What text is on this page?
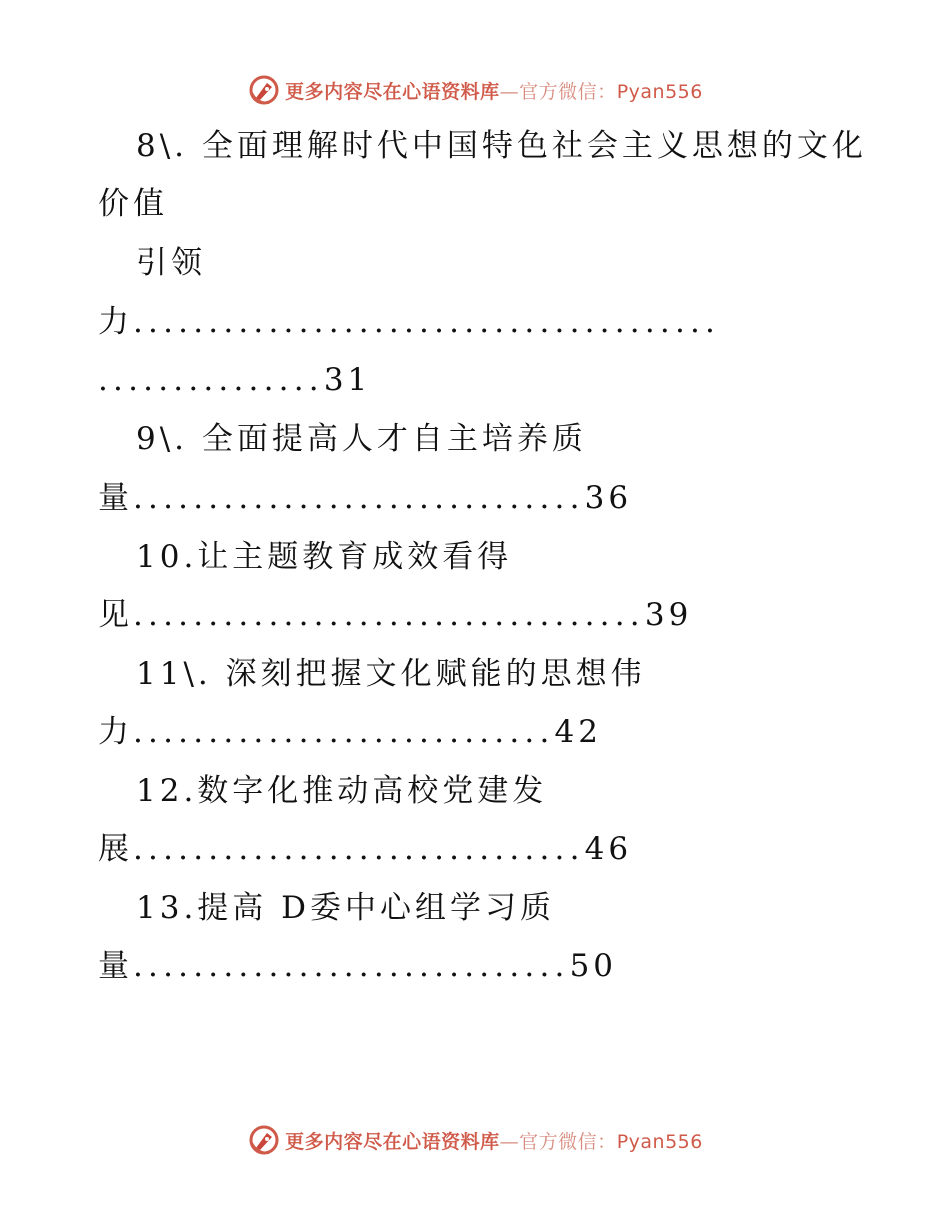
更多内容尽在心语资料库—官方微信：Pyan556
8\. 全面理解时代中国特色社会主义思想的文化
价值
引领
力.......................................
...............31
9\. 全面提高人才自主培养质
量..............................36
10.让主题教育成效看得
见..................................39
11\. 深刻把握文化赋能的思想伟
力............................42
12.数字化推动高校党建发
展..............................46
13.提高 D委中心组学习质
量.............................50
更多内容尽在心语资料库—官方微信：Pyan556
